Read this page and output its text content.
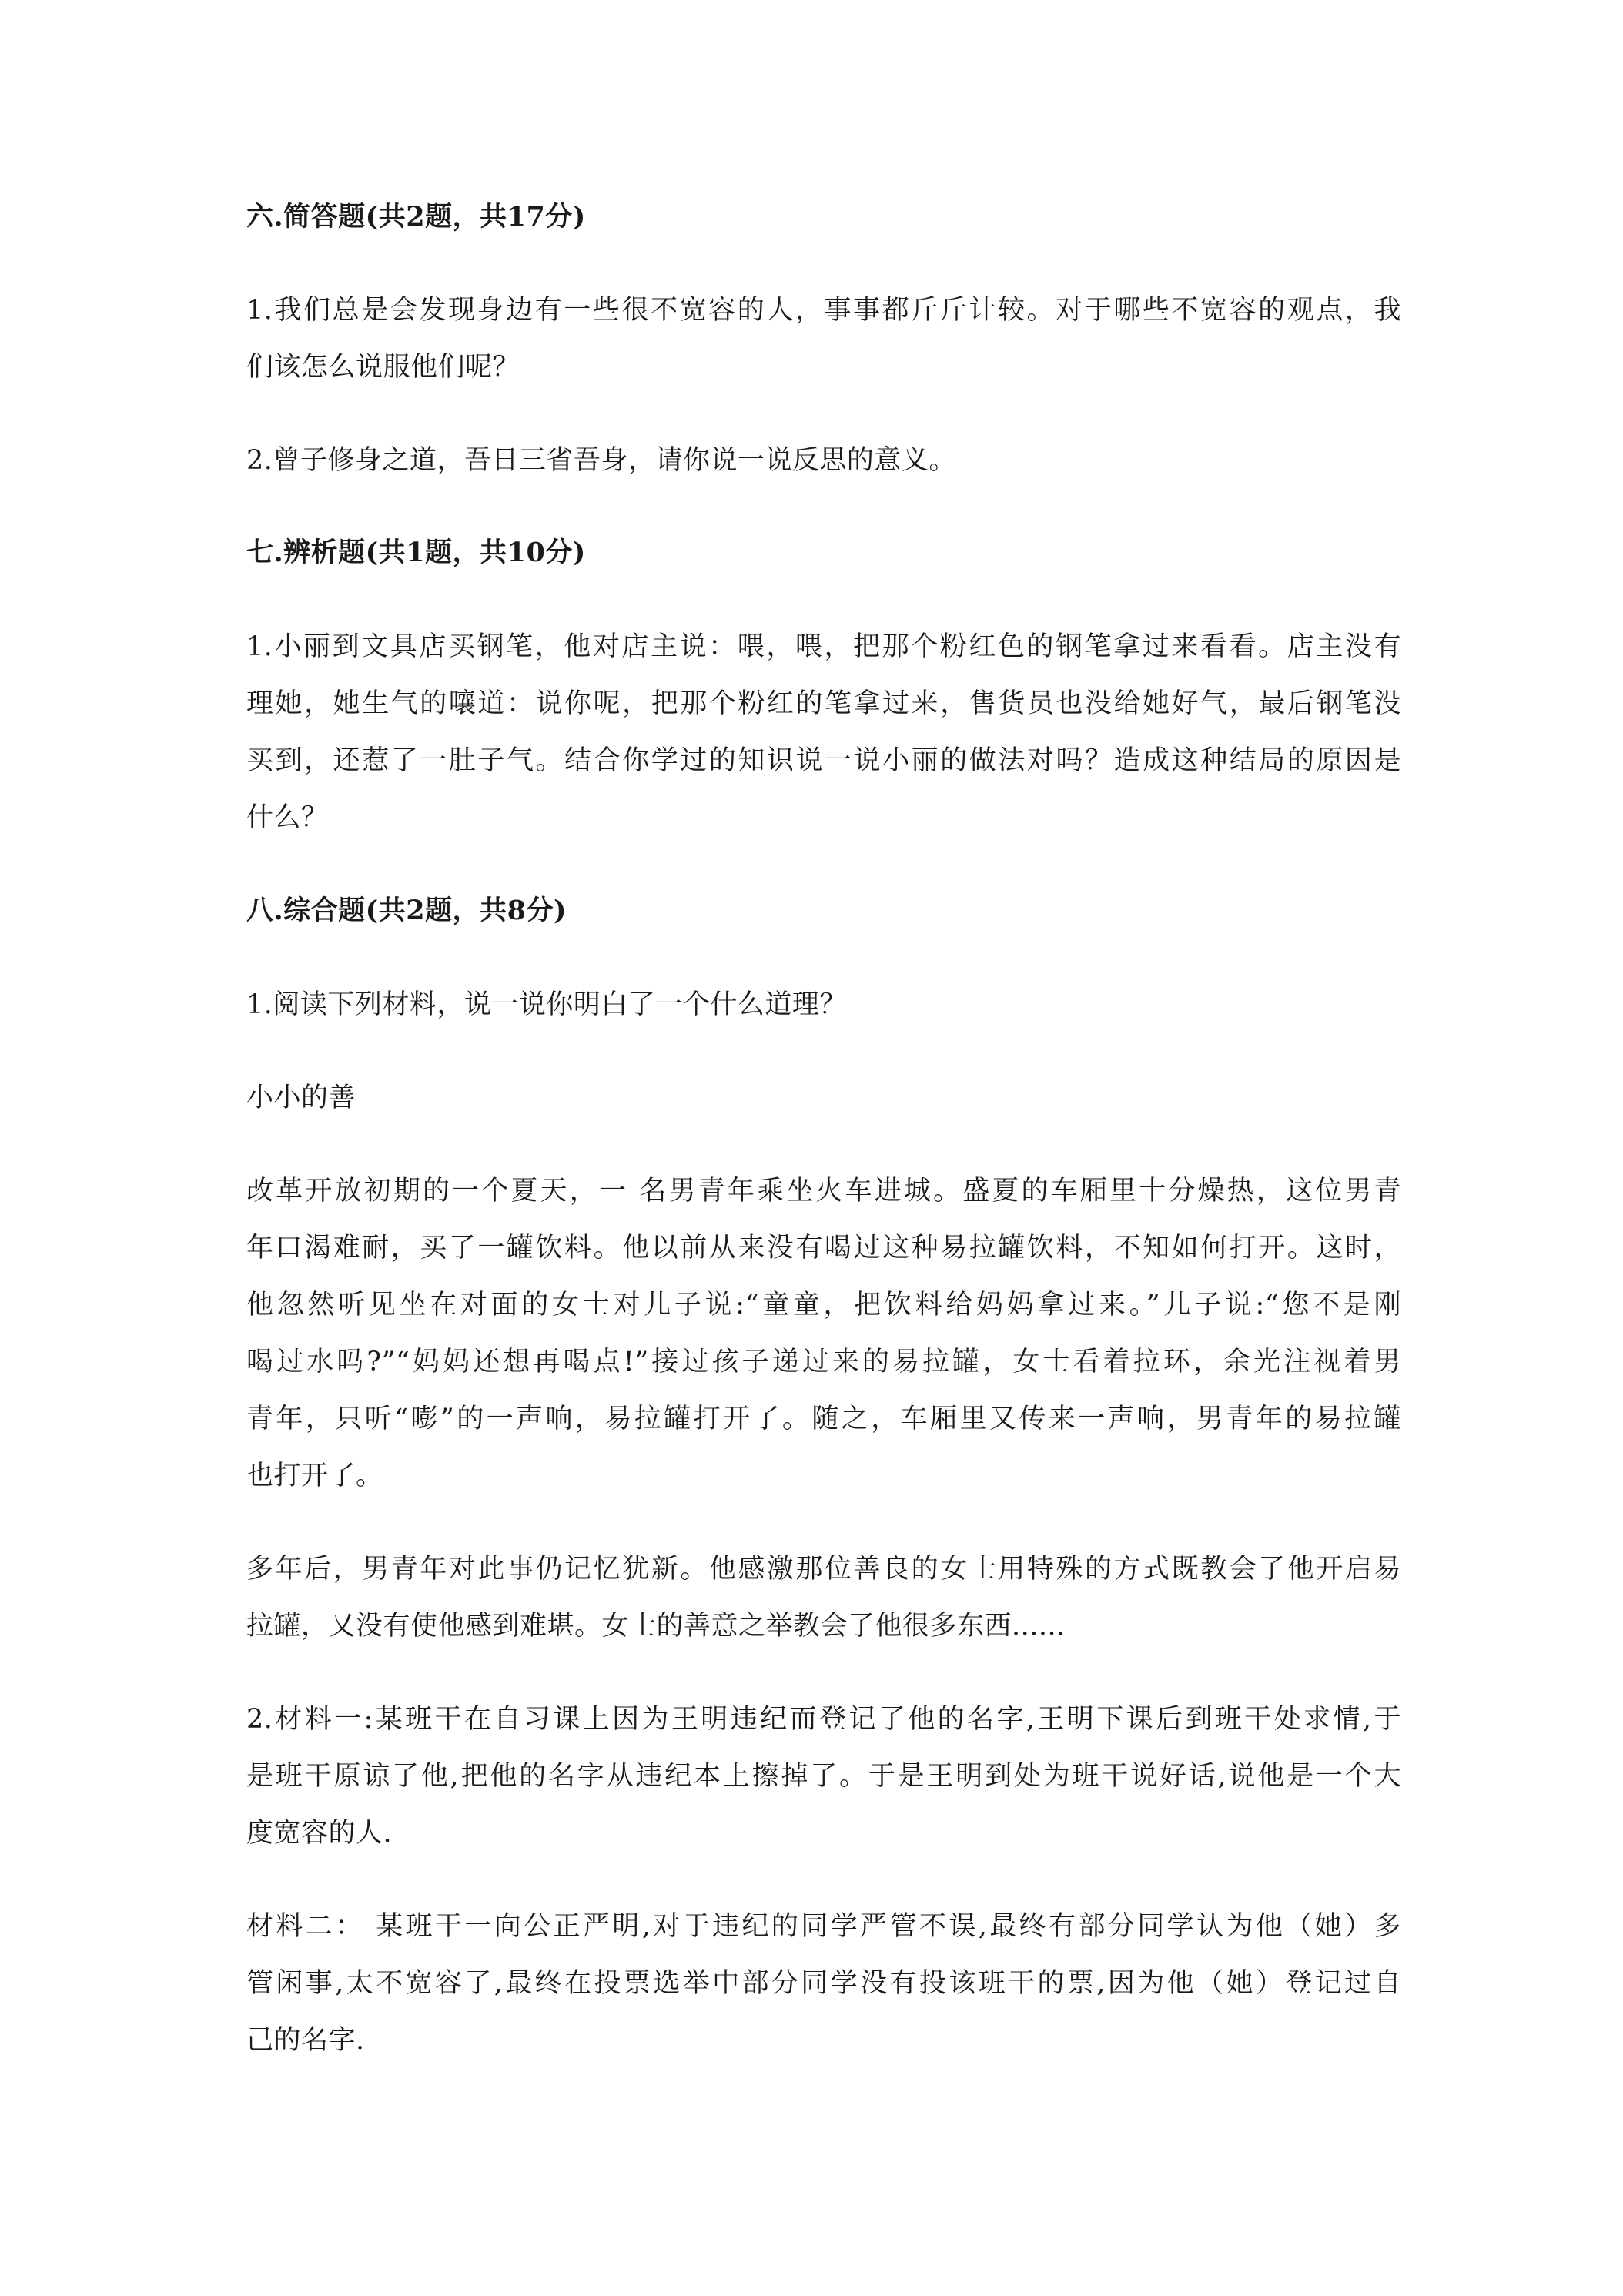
六.简答题(共2题，共17分)
1.我们总是会发现身边有一些很不宽容的人，事事都斤斤计较。对于哪些不宽容的观点，我
们该怎么说服他们呢？
2.曾子修身之道，吾日三省吾身，请你说一说反思的意义。
七.辨析题(共1题，共10分)
1.小丽到文具店买钢笔，他对店主说：喂，喂，把那个粉红色的钢笔拿过来看看。店主没有
理她，她生气的嚷道：说你呢，把那个粉红的笔拿过来，售货员也没给她好气，最后钢笔没
买到，还惹了一肚子气。结合你学过的知识说一说小丽的做法对吗？造成这种结局的原因是
什么？
八.综合题(共2题，共8分)
1.阅读下列材料，说一说你明白了一个什么道理？
小小的善
改革开放初期的一个夏天，一 名男青年乘坐火车进城。盛夏的车厢里十分燥热，这位男青
年口渴难耐，买了一罐饮料。他以前从来没有喝过这种易拉罐饮料，不知如何打开。这时，
他忽然听见坐在对面的女士对儿子说:“童童，把饮料给妈妈拿过来。”儿子说:“您不是刚
喝过水吗?”“妈妈还想再喝点!”接过孩子递过来的易拉罐，女士看着拉环，余光注视着男
青年，只听“嘭”的一声响，易拉罐打开了。随之，车厢里又传来一声响，男青年的易拉罐
也打开了。
多年后，男青年对此事仍记忆犹新。他感激那位善良的女士用特殊的方式既教会了他开启易
拉罐，又没有使他感到难堪。女士的善意之举教会了他很多东西......
2.材料一:某班干在自习课上因为王明违纪而登记了他的名字,王明下课后到班干处求情,于
是班干原谅了他,把他的名字从违纪本上擦掉了。于是王明到处为班干说好话,说他是一个大
度宽容的人.
材料二： 某班干一向公正严明,对于违纪的同学严管不误,最终有部分同学认为他（她）多
管闲事,太不宽容了,最终在投票选举中部分同学没有投该班干的票,因为他（她）登记过自
己的名字.
